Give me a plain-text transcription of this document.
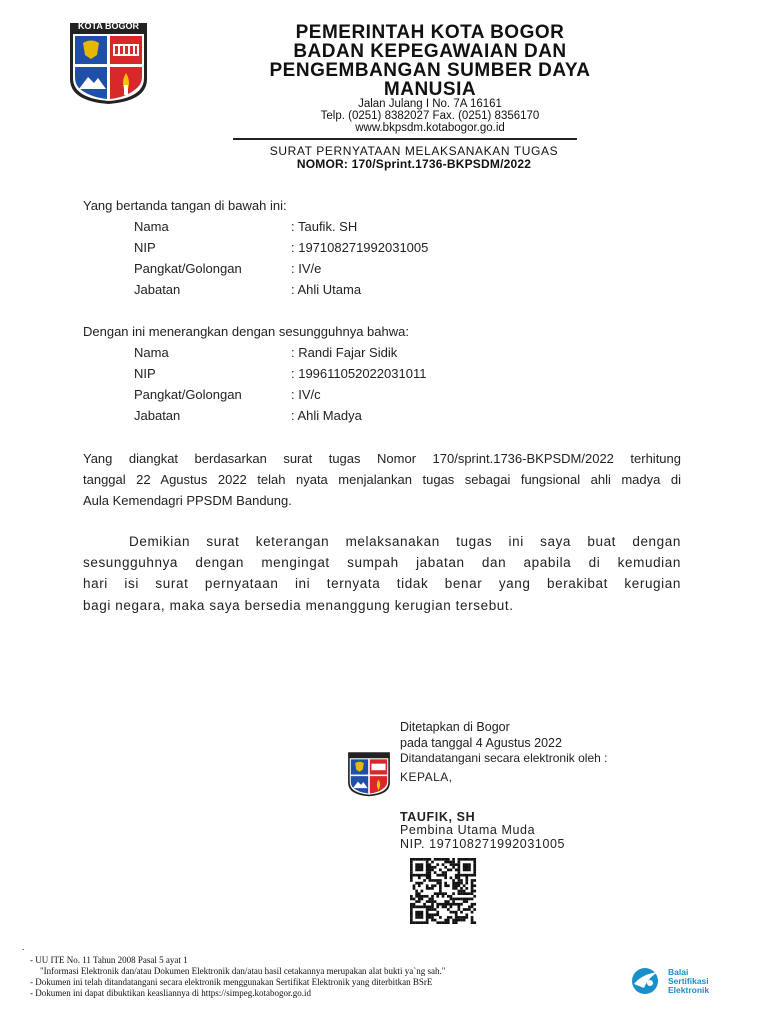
KOTA BOGOR	PEMERINTAH KOTA BOGOR
BADAN KEPEGAWAIAN DAN
PENGEMBANGAN SUMBER DAYA
MANUSIA
Jalan Julang I No. 7A 16161
Telp. (0251) 8382027 Fax. (0251) 8356170
www.bkpsdm.kotabogor.go.id
SURAT PERNYATAAN MELAKSANAKAN TUGAS
NOMOR: 170/Sprint.1736-BKPSDM/2022
Yang bertanda tangan di bawah ini:
Nama	: Taufik. SH
NIP	: 197108271992031005
Pangkat/Golongan	: IV/e
Jabatan	: Ahli Utama
Dengan ini menerangkan dengan sesungguhnya bahwa:
Nama	: Randi Fajar Sidik
NIP	: 199611052022031011
Pangkat/Golongan	: IV/c
Jabatan	: Ahli Madya
Yang diangkat berdasarkan surat tugas Nomor 170/sprint.1736-BKPSDM/2022 terhitung
tanggal 22 Agustus 2022 telah nyata menjalankan tugas sebagai fungsional ahli madya di
Aula Kemendagri PPSDM Bandung.
Demikian surat keterangan melaksanakan tugas ini saya buat dengan
sesungguhnya dengan mengingat sumpah jabatan dan apabila di kemudian
hari isi surat pernyataan ini ternyata tidak benar yang berakibat kerugian
bagi negara, maka saya bersedia menanggung kerugian tersebut.
Ditetapkan di Bogor
pada tanggal 4 Agustus 2022
Ditandatangani secara elektronik oleh :
KEPALA,
TAUFIK, SH
Pembina Utama Muda
NIP. 197108271992031005
.
- UU ITE No. 11 Tahun 2008 Pasal 5 ayat 1
"Informasi Elektronik dan/atau Dokumen Elektronik dan/atau hasil cetakannya merupakan alat bukti ya`ng sah."
- Dokumen ini telah ditandatangani secara elektronik menggunakan Sertifikat Elektronik yang diterbitkan BSrE
- Dokumen ini dapat dibuktikan keasliannya di https://simpeg.kotabogor.go.id
Balai
Sertifikasi
Elektronik
